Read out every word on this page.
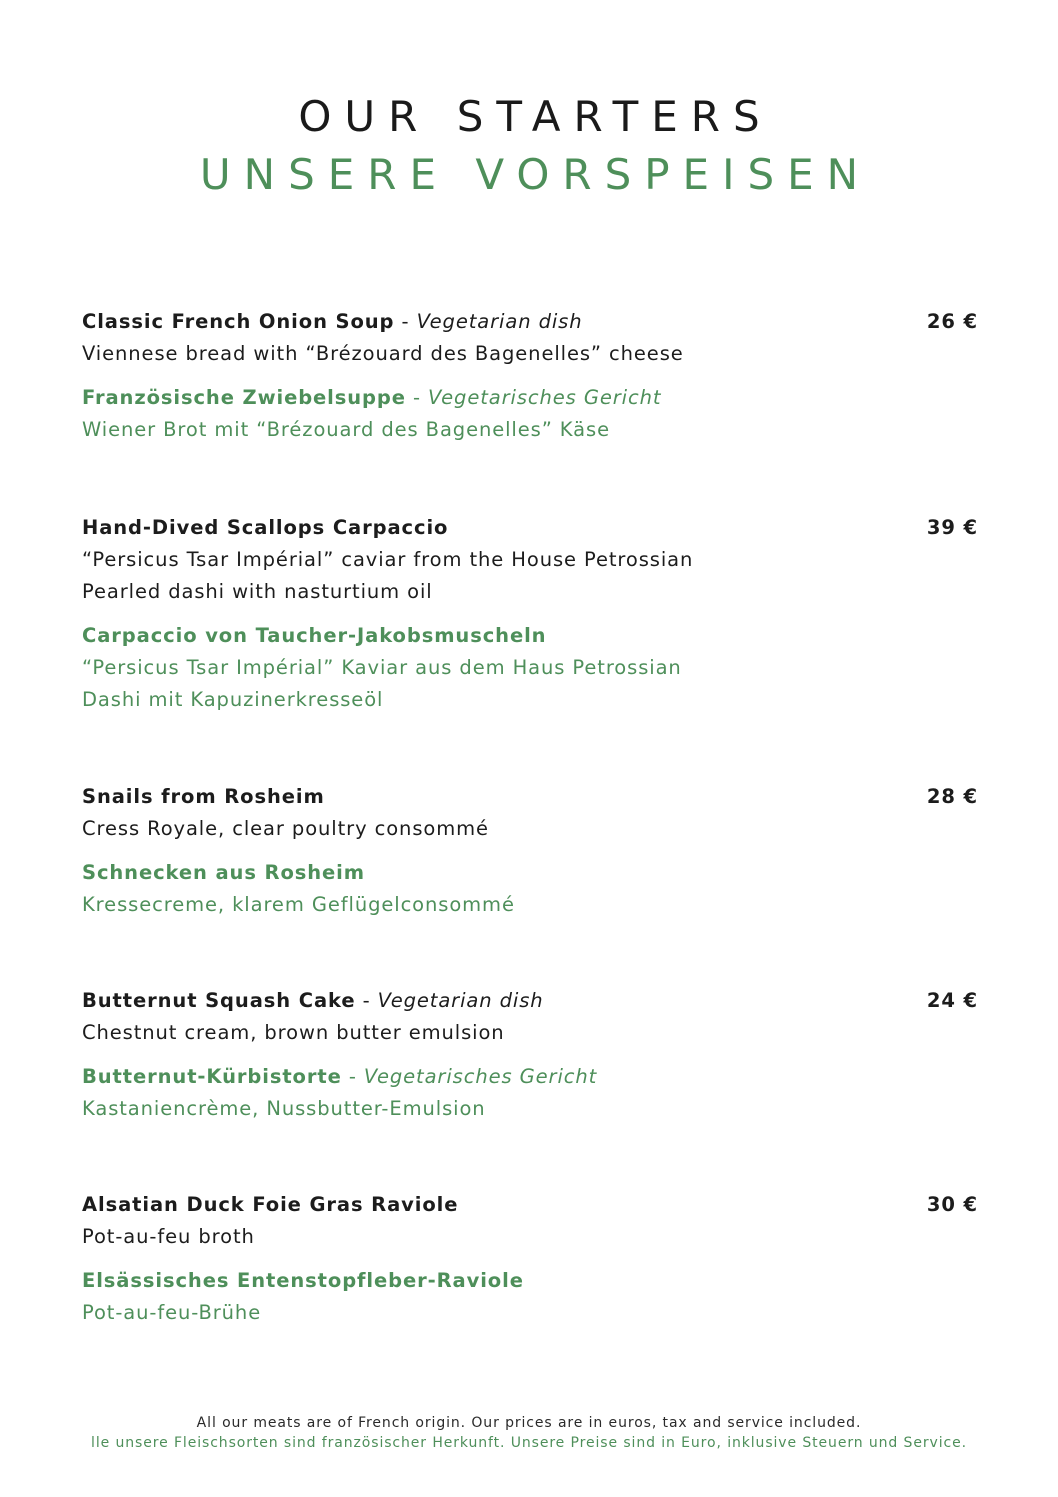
OUR STARTERS
UNSERE VORSPEISEN
26 €
Classic French Onion Soup - Vegetarian dish
Viennese bread with “Brézouard des Bagenelles” cheese
Französische Zwiebelsuppe - Vegetarisches Gericht
Wiener Brot mit “Brézouard des Bagenelles” Käse
39 €
Hand-Dived Scallops Carpaccio
“Persicus Tsar Impérial” caviar from the House Petrossian
Pearled dashi with nasturtium oil
Carpaccio von Taucher-Jakobsmuscheln
“Persicus Tsar Impérial” Kaviar aus dem Haus Petrossian
Dashi mit Kapuzinerkresseöl
28 €
Snails from Rosheim
Cress Royale, clear poultry consommé
Schnecken aus Rosheim
Kressecreme, klarem Geflügelconsommé
24 €
Butternut Squash Cake - Vegetarian dish
Chestnut cream, brown butter emulsion
Butternut-Kürbistorte - Vegetarisches Gericht
Kastaniencrème, Nussbutter-Emulsion
30 €
Alsatian Duck Foie Gras Raviole
Pot-au-feu broth
Elsässisches Entenstopfleber-Raviole
Pot-au-feu-Brühe
All our meats are of French origin. Our prices are in euros, tax and service included.
lle unsere Fleischsorten sind französischer Herkunft. Unsere Preise sind in Euro, inklusive Steuern und Service.
